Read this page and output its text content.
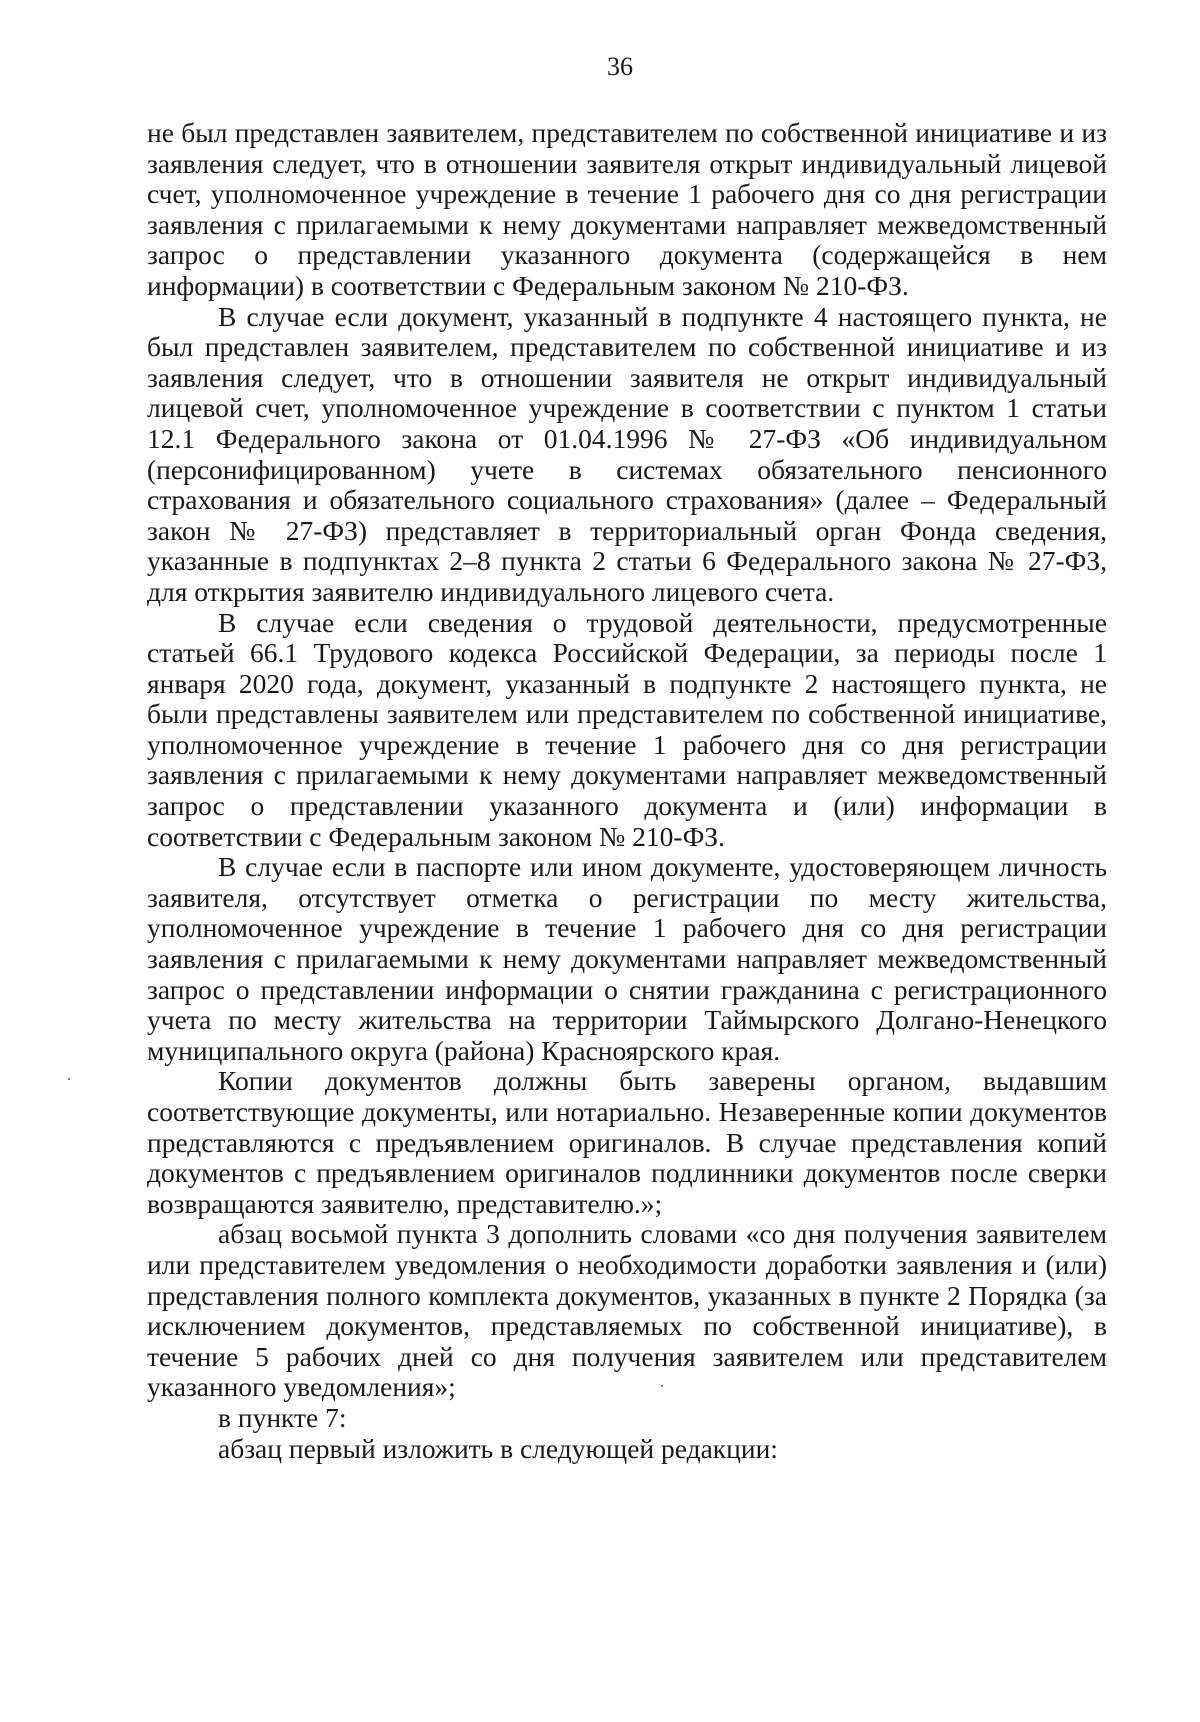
36

не был представлен заявителем, представителем по собственной инициативе и из заявления следует, что в отношении заявителя открыт индивидуальный лицевой счет, уполномоченное учреждение в течение 1 рабочего дня со дня регистрации заявления с прилагаемыми к нему документами направляет межведомственный запрос о представлении указанного документа (содержащейся в нем информации) в соответствии с Федеральным законом № 210-ФЗ.

В случае если документ, указанный в подпункте 4 настоящего пункта, не был представлен заявителем, представителем по собственной инициативе и из заявления следует, что в отношении заявителя не открыт индивидуальный лицевой счет, уполномоченное учреждение в соответствии с пунктом 1 статьи 12.1 Федерального закона от 01.04.1996 № 27-ФЗ «Об индивидуальном (персонифицированном) учете в системах обязательного пенсионного страхования и обязательного социального страхования» (далее – Федеральный закон № 27-ФЗ) представляет в территориальный орган Фонда сведения, указанные в подпунктах 2–8 пункта 2 статьи 6 Федерального закона № 27-ФЗ, для открытия заявителю индивидуального лицевого счета.

В случае если сведения о трудовой деятельности, предусмотренные статьей 66.1 Трудового кодекса Российской Федерации, за периоды после 1 января 2020 года, документ, указанный в подпункте 2 настоящего пункта, не были представлены заявителем или представителем по собственной инициативе, уполномоченное учреждение в течение 1 рабочего дня со дня регистрации заявления с прилагаемыми к нему документами направляет межведомственный запрос о представлении указанного документа и (или) информации в соответствии с Федеральным законом № 210-ФЗ.

В случае если в паспорте или ином документе, удостоверяющем личность заявителя, отсутствует отметка о регистрации по месту жительства, уполномоченное учреждение в течение 1 рабочего дня со дня регистрации заявления с прилагаемыми к нему документами направляет межведомственный запрос о представлении информации о снятии гражданина с регистрационного учета по месту жительства на территории Таймырского Долгано-Ненецкого муниципального округа (района) Красноярского края.

Копии документов должны быть заверены органом, выдавшим соответствующие документы, или нотариально. Незаверенные копии документов представляются с предъявлением оригиналов. В случае представления копий документов с предъявлением оригиналов подлинники документов после сверки возвращаются заявителю, представителю.»;

абзац восьмой пункта 3 дополнить словами «со дня получения заявителем или представителем уведомления о необходимости доработки заявления и (или) представления полного комплекта документов, указанных в пункте 2 Порядка (за исключением документов, представляемых по собственной инициативе), в течение 5 рабочих дней со дня получения заявителем или представителем указанного уведомления»;

в пункте 7:

абзац первый изложить в следующей редакции:
